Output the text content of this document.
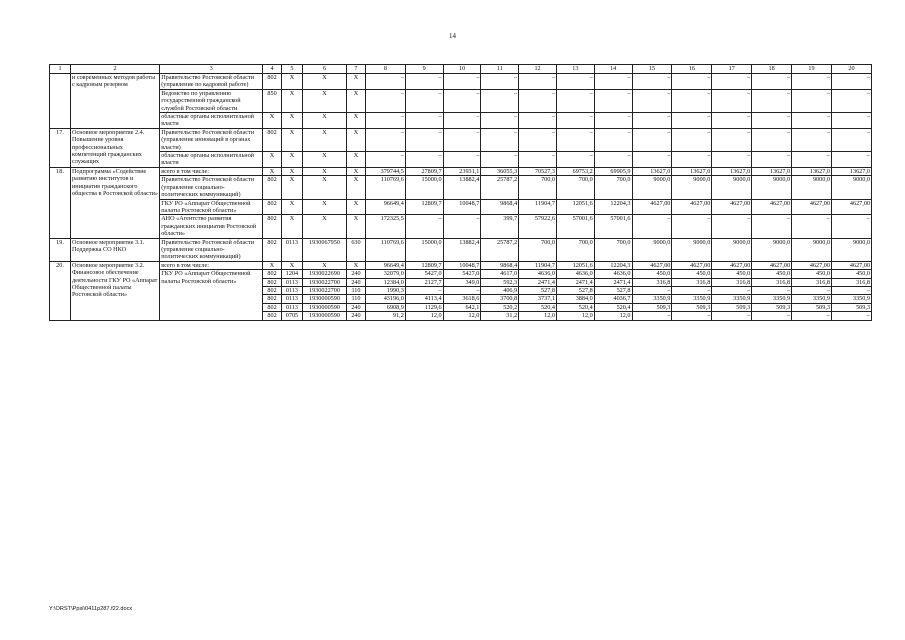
14
1	2	3	4	5	6	7	8	9	10	11	12	13	14	15	16	17	18	19	20
	и современных методов работы с кадровым резервом	Правительство Ростовской области (управление по кадровой работе)	802	Х	Х	Х	–	–	–	–	–	–	–	–	–	–	–	–	–
		Ведомство по управлению государственной гражданской службой Ростовской области	850	Х	Х	Х	–	–	–	–	–	–	–	–	–	–	–	–	–
		областные органы исполнительной власти	Х	Х	Х	Х	–	–	–	–	–	–	–	–	–	–	–	–	–
17.	Основное мероприятие 2.4. Повышение уровня профессиональных компетенций гражданских служащих	Правительство Ростовской области (управление инноваций в органах власти)	802	Х	Х	Х	–	–	–	–	–	–	–	–	–	–	–	–	–
		областные органы исполнительной власти	Х	Х	Х	Х	–	–	–	–	–	–	–	–	–	–	–	–	–
18.	Подпрограмма «Содействие развитию институтов и инициатив гражданского общества в Ростовской области»	всего в том числе:	Х	Х	Х	Х	379744,5	27809,7	23931,1	36055,3	70527,3	69753,2	69905,9	13627,0	13627,0	13627,0	13627,0	13627,0	13627,0
		Правительство Ростовской области (управление социально-политических коммуникаций)	802	Х	Х	Х	110769,6	15000,0	13882,4	25787,2	700,0	700,0	700,0	9000,0	9000,0	9000,0	9000,0	9000,0	9000,0
		ГКУ РО «Аппарат Общественной палаты Ростовской области»	802	Х	Х	Х	96649,4	12809,7	10048,7	9868,4	11904,7	12051,6	12204,3	4627,00	4627,00	4627,00	4627,00	4627,00	4627,00
		АНО «Агентство развития гражданских инициатив Ростовской области»	802	Х	Х	Х	172325,5	–	–	399,7	57922,6	57001,6	57001,6	–	–	–	–	–	–
19.	Основное мероприятие 3.1. Поддержка СО НКО	Правительство Ростовской области (управление социально-политических коммуникаций)	802	0113	1930067950	630	110769,6	15000,0	13882,4	25787,2	700,0	700,0	700,0	9000,0	9000,0	9000,0	9000,0	9000,0	9000,0
20.	Основное мероприятие 3.2. Финансовое обеспечение деятельности ГКУ РО «Аппарат Общественной палаты Ростовской области»	всего в том числе:	Х	Х	Х	Х	96649,4	12809,7	10048,7	9868,4	11904,7	12051,6	12204,3	4627,00	4627,00	4627,00	4627,00	4627,00	4627,00
		ГКУ РО «Аппарат Общественной палаты Ростовской области»	802	1204	1930022690	240	32079,0	5427,0	5427,0	4617,0	4636,0	4636,0	4636,0	450,0	450,0	450,0	450,0	450,0	450,0
			802	0113	1930022700	240	12384,0	2127,7	349,0	592,3	2471,4	2471,4	2471,4	316,8	316,8	316,8	316,8	316,8	316,8
			802	0113	1930022700	110	1990,3	–	–	406,9	527,8	527,8	527,8	–	–	–	–	–	–
			802	0113	1930000590	110	43196,0	4113,4	3618,6	3700,8	3737,1	3884,0	4036,7	3350,9	3350,9	3350,9	3350,9	3350,9	3350,9
			802	0113	1930000590	240	6908,9	1129,6	642,1	520,2	520,4	520,4	520,4	509,3	509,3	509,3	509,3	509,3	509,3
			802	0705	1930000590	240	91,2	12,0	12,0	31,2	12,0	12,0	12,0	–	–	–	–	–	–
Y:\ORST\Ppsi\0411p287.f22.docx
